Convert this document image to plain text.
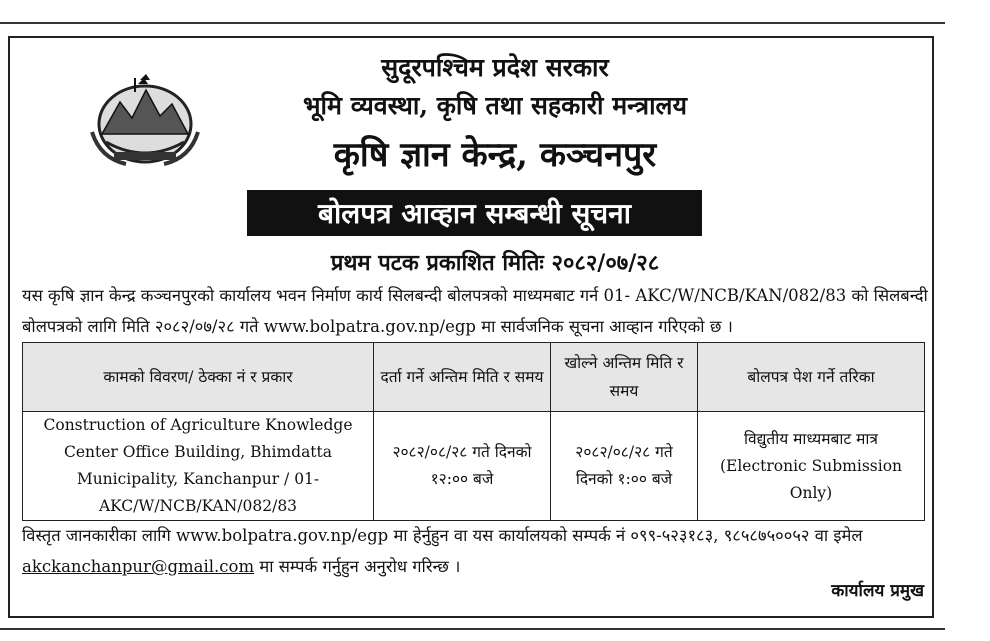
सुदूरपश्चिम प्रदेश सरकार
भूमि व्यवस्था, कृषि तथा सहकारी मन्त्रालय
कृषि ज्ञान केन्द्र, कञ्चनपुर
बोलपत्र आव्हान सम्बन्धी सूचना
प्रथम पटक प्रकाशित मितिः २०८२/०७/२८
यस कृषि ज्ञान केन्द्र कञ्चनपुरको कार्यालय भवन निर्माण कार्य सिलबन्दी बोलपत्रको माध्यमबाट गर्न 01- AKC/W/NCB/KAN/082/83 को सिलबन्दी बोलपत्रको लागि मिति २०८२/०७/२८ गते www.bolpatra.gov.np/egp मा सार्वजनिक सूचना आव्हान गरिएको छ ।
कामको विवरण/ ठेक्का नं र प्रकार	दर्ता गर्ने अन्तिम मिति र समय	खोल्ने अन्तिम मिति र समय	बोलपत्र पेश गर्ने तरिका
Construction of Agriculture Knowledge Center Office Building, Bhimdatta Municipality, Kanchanpur / 01- AKC/W/NCB/KAN/082/83	२०८२/०८/२८ गते दिनको १२:०० बजे	२०८२/०८/२८ गते दिनको १:०० बजे	विद्युतीय माध्यमबाट मात्र (Electronic Submission Only)
विस्तृत जानकारीका लागि www.bolpatra.gov.np/egp मा हेर्नुहुन वा यस कार्यालयको सम्पर्क नं ०९९-५२३१८३, ९८५८७५००५२ वा इमेल akckanchanpur@gmail.com मा सम्पर्क गर्नुहुन अनुरोध गरिन्छ ।
कार्यालय प्रमुख
